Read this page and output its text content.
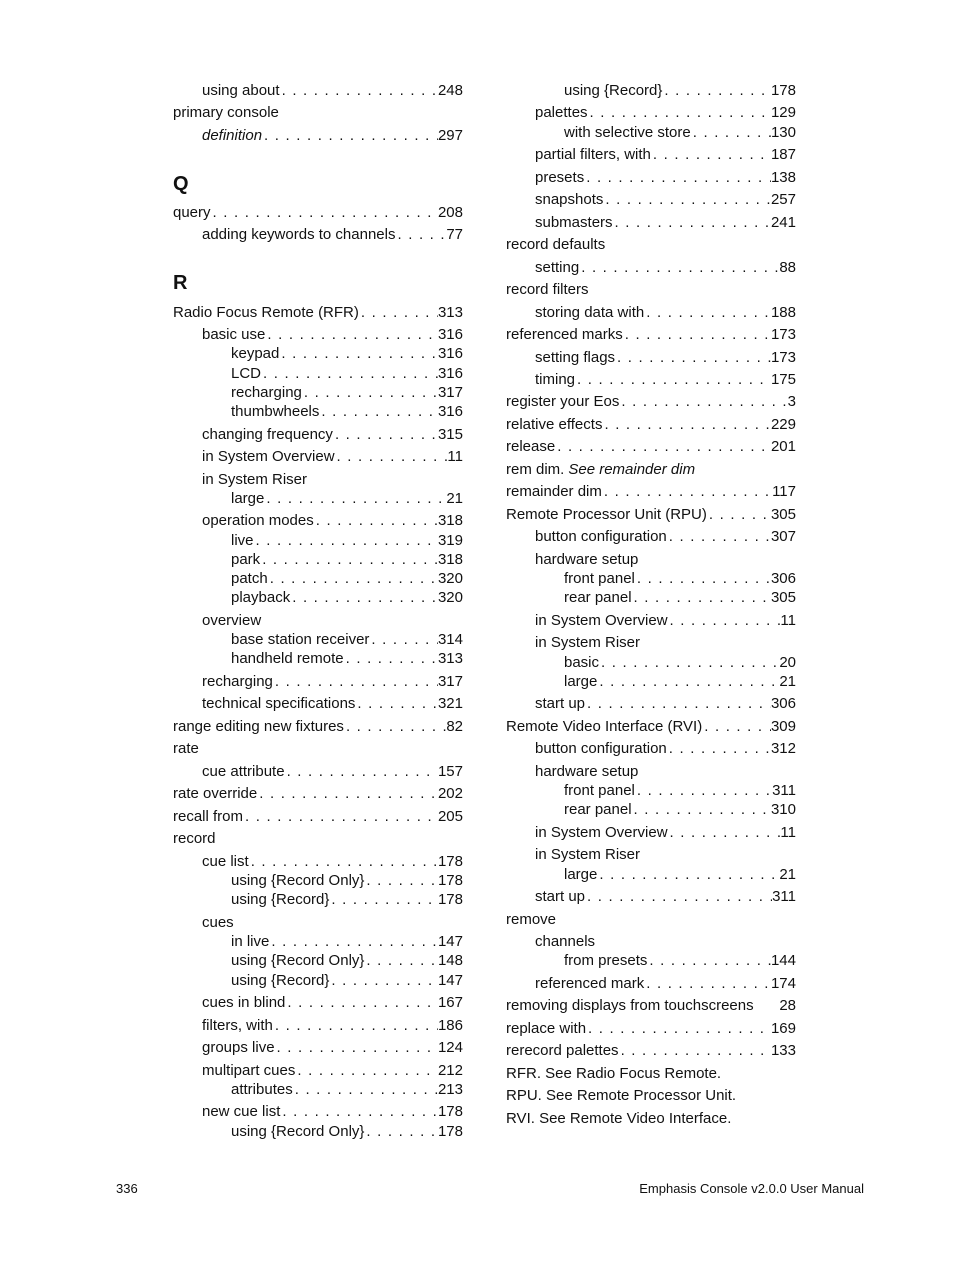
using about . . .	248
primary console
definition . . .	297
Q
query . . .	208
adding keywords to channels . . .	77
R
Radio Focus Remote (RFR) . . .	313
basic use . . .	316
keypad . . .	316
LCD . . .	316
recharging . . .	317
thumbwheels . . .	316
changing frequency . . .	315
in System Overview . . .	11
in System Riser
large . . .	21
operation modes . . .	318
live . . .	319
park . . .	318
patch . . .	320
playback . . .	320
overview
base station receiver . . .	314
handheld remote . . .	313
recharging . . .	317
technical specifications . . .	321
range editing new fixtures . . .	82
rate
cue attribute . . .	157
rate override . . .	202
recall from . . .	205
record
cue list . . .	178
using {Record Only} . . .	178
using {Record} . . .	178
cues
in live . . .	147
using {Record Only} . . .	148
using {Record} . . .	147
cues in blind . . .	167
filters, with . . .	186
groups live . . .	124
multipart cues . . .	212
attributes . . .	213
new cue list . . .	178
using {Record Only} . . .	178
using {Record} . . .	178
palettes . . .	129
with selective store . . .	130
partial filters, with . . .	187
presets . . .	138
snapshots . . .	257
submasters . . .	241
record defaults
setting . . .	88
record filters
storing data with . . .	188
referenced marks . . .	173
setting flags . . .	173
timing . . .	175
register your Eos . . .	3
relative effects . . .	229
release . . .	201
rem dim. See remainder dim
remainder dim . . .	117
Remote Processor Unit (RPU) . . .	305
button configuration . . .	307
hardware setup
front panel . . .	306
rear panel . . .	305
in System Overview . . .	11
in System Riser
basic . . .	20
large . . .	21
start up . . .	306
Remote Video Interface (RVI) . . .	309
button configuration . . .	312
hardware setup
front panel . . .	311
rear panel . . .	310
in System Overview . . .	11
in System Riser
large . . .	21
start up . . .	311
remove
channels
from presets . . .	144
referenced mark . . .	174
removing displays from touchscreens 28
replace with . . .	169
rerecord palettes . . .	133
RFR. See Radio Focus Remote.
RPU. See Remote Processor Unit.
RVI. See Remote Video Interface.
336	Emphasis Console v2.0.0 User Manual
